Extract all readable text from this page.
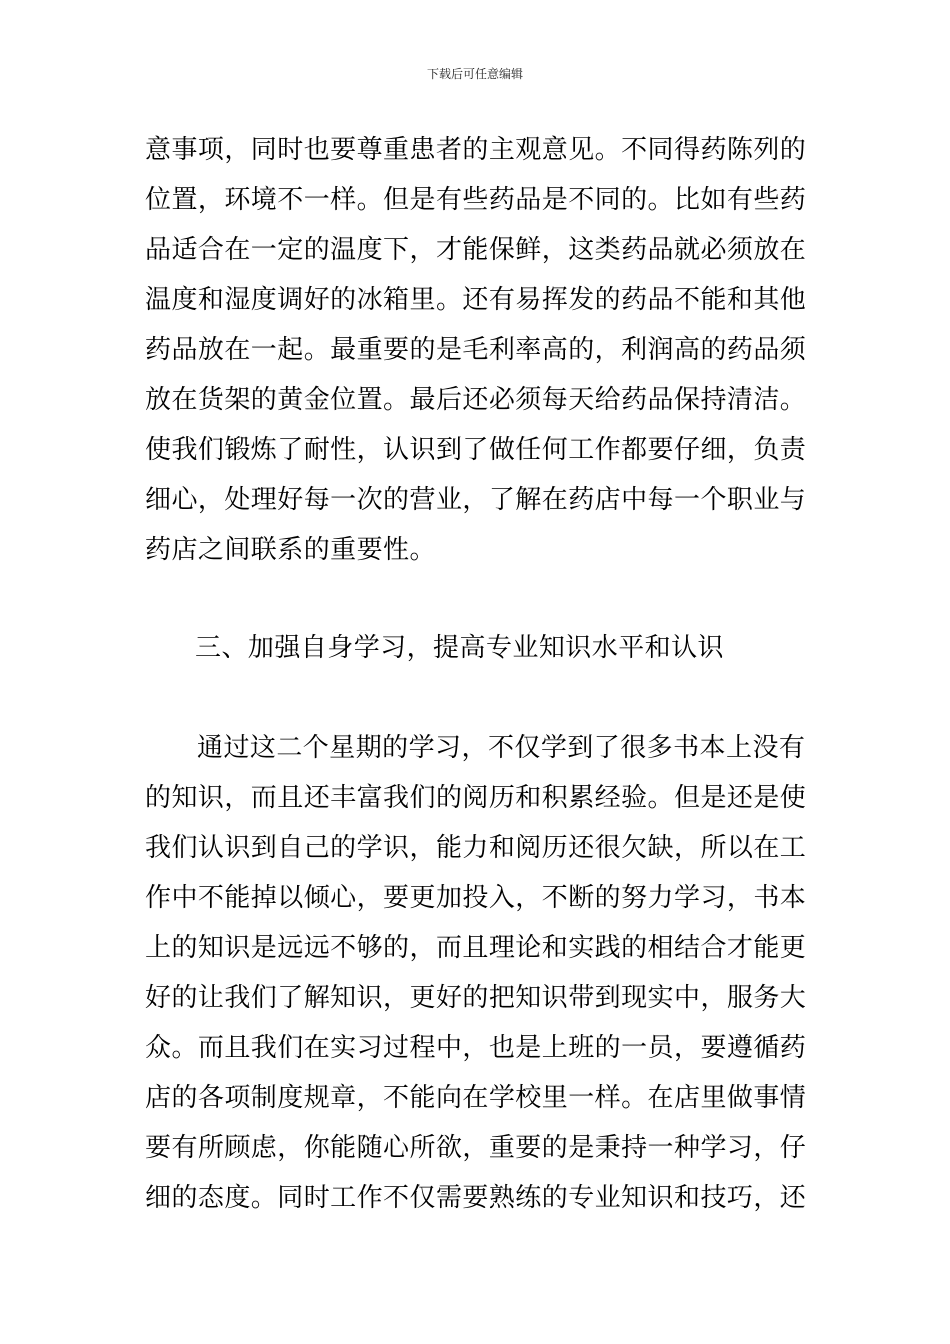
下载后可任意编辑
意事项，同时也要尊重患者的主观意见。不同得药陈列的
位置，环境不一样。但是有些药品是不同的。比如有些药
品适合在一定的温度下，才能保鲜，这类药品就必须放在
温度和湿度调好的冰箱里。还有易挥发的药品不能和其他
药品放在一起。最重要的是毛利率高的，利润高的药品须
放在货架的黄金位置。最后还必须每天给药品保持清洁。
使我们锻炼了耐性，认识到了做任何工作都要仔细，负责
细心，处理好每一次的营业，了解在药店中每一个职业与
药店之间联系的重要性。
三、加强自身学习，提高专业知识水平和认识
通过这二个星期的学习，不仅学到了很多书本上没有
的知识，而且还丰富我们的阅历和积累经验。但是还是使
我们认识到自己的学识，能力和阅历还很欠缺，所以在工
作中不能掉以倾心，要更加投入，不断的努力学习，书本
上的知识是远远不够的，而且理论和实践的相结合才能更
好的让我们了解知识，更好的把知识带到现实中，服务大
众。而且我们在实习过程中，也是上班的一员，要遵循药
店的各项制度规章，不能向在学校里一样。在店里做事情
要有所顾虑，你能随心所欲，重要的是秉持一种学习，仔
细的态度。同时工作不仅需要熟练的专业知识和技巧，还
